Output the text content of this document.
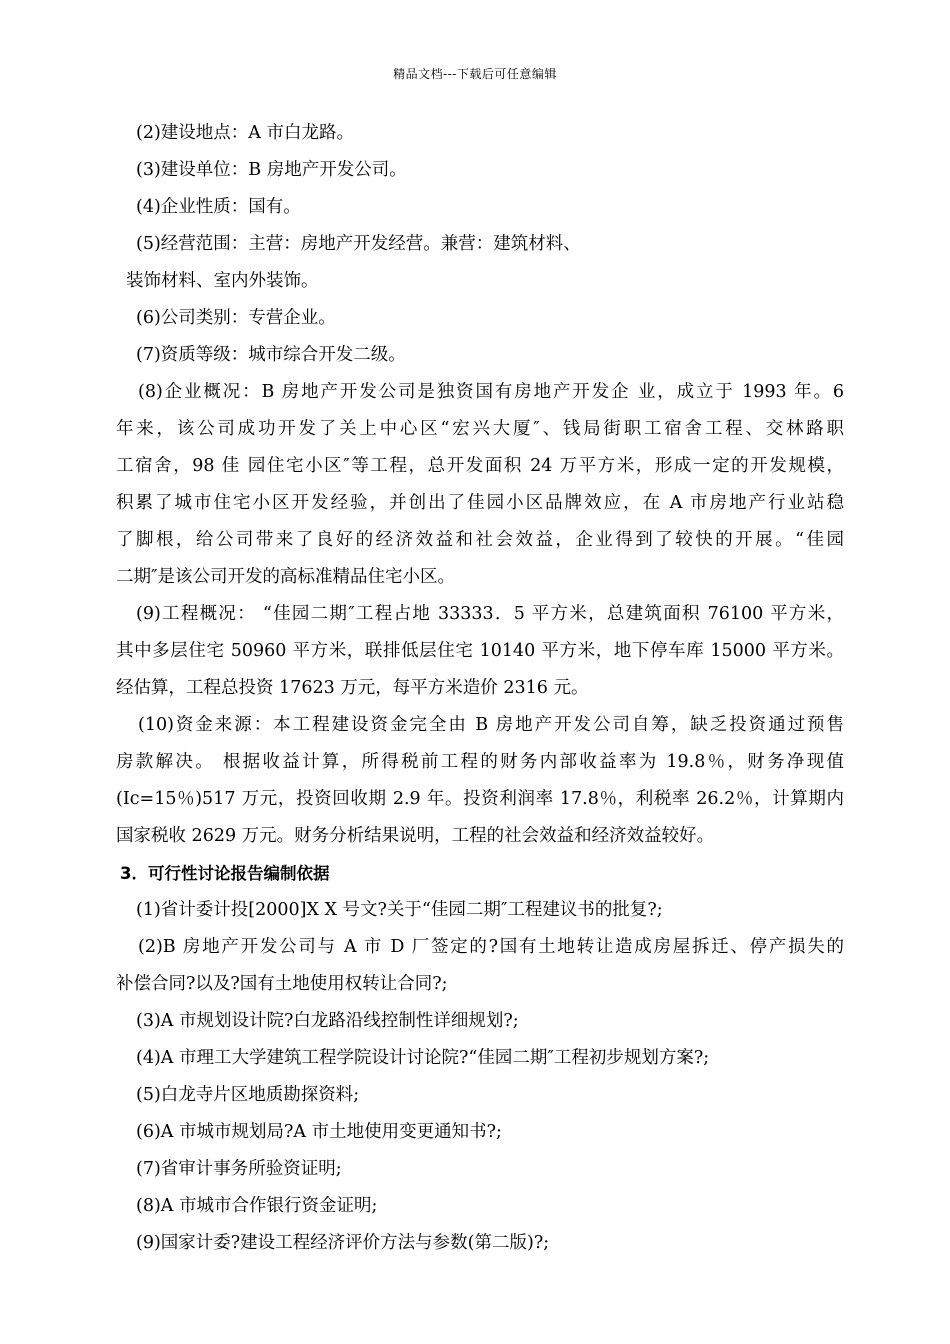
精品文档---下载后可任意编辑
(2)建设地点：A 市白龙路。
(3)建设单位：B 房地产开发公司。
(4)企业性质：国有。
(5)经营范围：主营：房地产开发经营。兼营：建筑材料、
装饰材料、室内外装饰。
(6)公司类别：专营企业。
(7)资质等级：城市综合开发二级。
(8)企业概况：B 房地产开发公司是独资国有房地产开发企 业，成立于 1993 年。6
年来，该公司成功开发了关上中心区“宏兴大厦″、钱局街职工宿舍工程、交林路职
工宿舍，98 佳 园住宅小区″等工程，总开发面积 24 万平方米，形成一定的开发规模，
积累了城市住宅小区开发经验，并创出了佳园小区品牌效应，在 A 市房地产行业站稳
了脚根，给公司带来了良好的经济效益和社会效益，企业得到了较快的开展。“佳园
二期″是该公司开发的高标准精品住宅小区。
(9)工程概况： “佳园二期″工程占地 33333．5 平方米，总建筑面积 76100 平方米，
其中多层住宅 50960 平方米，联排低层住宅 10140 平方米，地下停车库 15000 平方米。
经估算，工程总投资 17623 万元，每平方米造价 2316 元。
(10)资金来源：本工程建设资金完全由 B 房地产开发公司自筹，缺乏投资通过预售
房款解决。 根据收益计算，所得税前工程的财务内部收益率为 19.8％，财务净现值
(Ic=15％)517 万元，投资回收期 2.9 年。投资利润率 17.8％，利税率 26.2％，计算期内
国家税收 2629 万元。财务分析结果说明，工程的社会效益和经济效益较好。
3．可行性讨论报告编制依据
(1)省计委计投[2000]X X 号文?关于“佳园二期″工程建议书的批复?;
(2)B 房地产开发公司与 A 市 D 厂签定的?国有土地转让造成房屋拆迁、停产损失的
补偿合同?以及?国有土地使用权转让合同?;
(3)A 市规划设计院?白龙路沿线控制性详细规划?;
(4)A 市理工大学建筑工程学院设计讨论院?“佳园二期″工程初步规划方案?;
(5)白龙寺片区地质勘探资料;
(6)A 市城市规划局?A 市土地使用变更通知书?;
(7)省审计事务所验资证明;
(8)A 市城市合作银行资金证明;
(9)国家计委?建设工程经济评价方法与参数(第二版)?;
